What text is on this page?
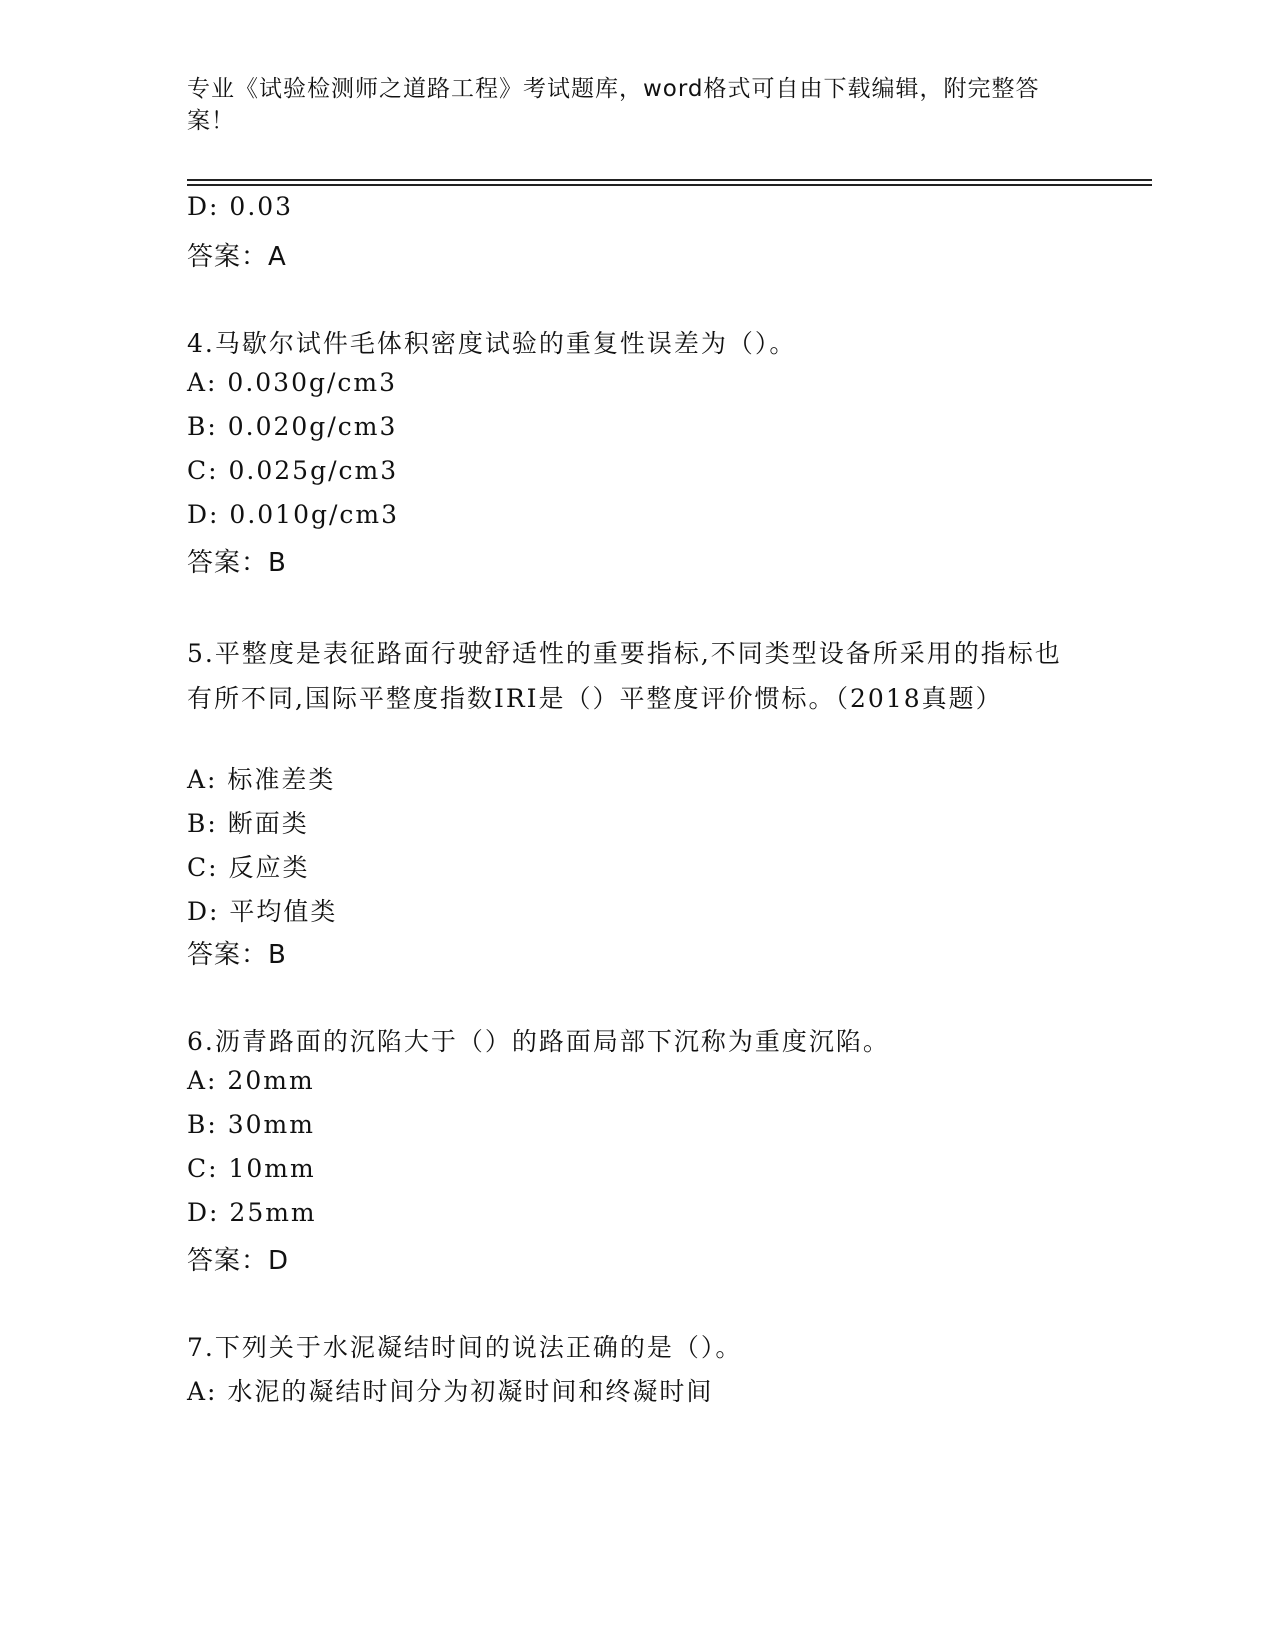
专业《试验检测师之道路工程》考试题库，word格式可自由下载编辑，附完整答案！
D: 0.03
答案：A
4.马歇尔试件毛体积密度试验的重复性误差为（）。
A: 0.030g/cm3
B: 0.020g/cm3
C: 0.025g/cm3
D: 0.010g/cm3
答案：B
5.平整度是表征路面行驶舒适性的重要指标,不同类型设备所采用的指标也有所不同,国际平整度指数IRI是（）平整度评价惯标。（2018真题）
A: 标准差类
B: 断面类
C: 反应类
D: 平均值类
答案：B
6.沥青路面的沉陷大于（）的路面局部下沉称为重度沉陷。
A: 20mm
B: 30mm
C: 10mm
D: 25mm
答案：D
7.下列关于水泥凝结时间的说法正确的是（）。
A: 水泥的凝结时间分为初凝时间和终凝时间
